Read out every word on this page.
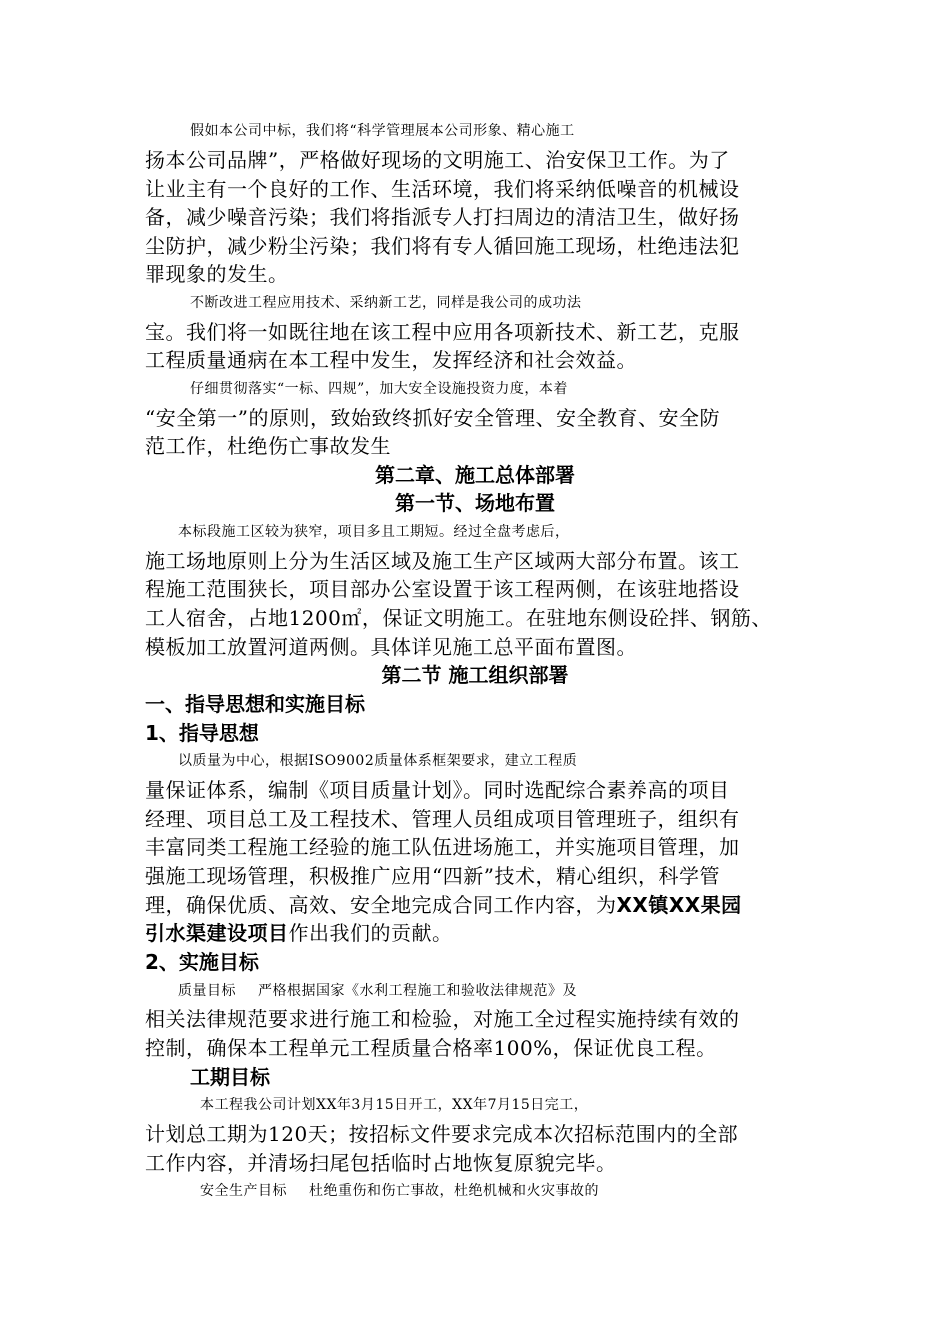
假如本公司中标，我们将“科学管理展本公司形象、精心施工
扬本公司品牌”，严格做好现场的文明施工、治安保卫工作。为了
让业主有一个良好的工作、生活环境，我们将采纳低噪音的机械设
备，减少噪音污染；我们将指派专人打扫周边的清洁卫生，做好扬
尘防护，减少粉尘污染；我们将有专人循回施工现场，杜绝违法犯
罪现象的发生。
不断改进工程应用技术、采纳新工艺，同样是我公司的成功法
宝。我们将一如既往地在该工程中应用各项新技术、新工艺，克服
工程质量通病在本工程中发生，发挥经济和社会效益。
仔细贯彻落实“一标、四规”，加大安全设施投资力度，本着
“安全第一”的原则，致始致终抓好安全管理、安全教育、安全防
范工作，杜绝伤亡事故发生
第二章、施工总体部署
第一节、场地布置
本标段施工区较为狭窄，项目多且工期短。经过全盘考虑后，
施工场地原则上分为生活区域及施工生产区域两大部分布置。该工
程施工范围狭长，项目部办公室设置于该工程两侧，在该驻地搭设
工人宿舍，占地1200㎡，保证文明施工。在驻地东侧设砼拌、钢筋、
模板加工放置河道两侧。具体详见施工总平面布置图。
第二节 施工组织部署
一、指导思想和实施目标
1、指导思想
以质量为中心，根据ISO9002质量体系框架要求，建立工程质
量保证体系，编制《项目质量计划》。同时选配综合素养高的项目
经理、项目总工及工程技术、管理人员组成项目管理班子，组织有
丰富同类工程施工经验的施工队伍进场施工，并实施项目管理，加
强施工现场管理，积极推广应用“四新”技术，精心组织，科学管
理，确保优质、高效、安全地完成合同工作内容，为XX镇XX果园
引水渠建设项目作出我们的贡献。
2、实施目标
质量目标 严格根据国家《水利工程施工和验收法律规范》及
相关法律规范要求进行施工和检验，对施工全过程实施持续有效的
控制，确保本工程单元工程质量合格率100%，保证优良工程。
工期目标
本工程我公司计划XX年3月15日开工，XX年7月15日完工，
计划总工期为120天；按招标文件要求完成本次招标范围内的全部
工作内容，并清场扫尾包括临时占地恢复原貌完毕。
安全生产目标 杜绝重伤和伤亡事故，杜绝机械和火灾事故的
